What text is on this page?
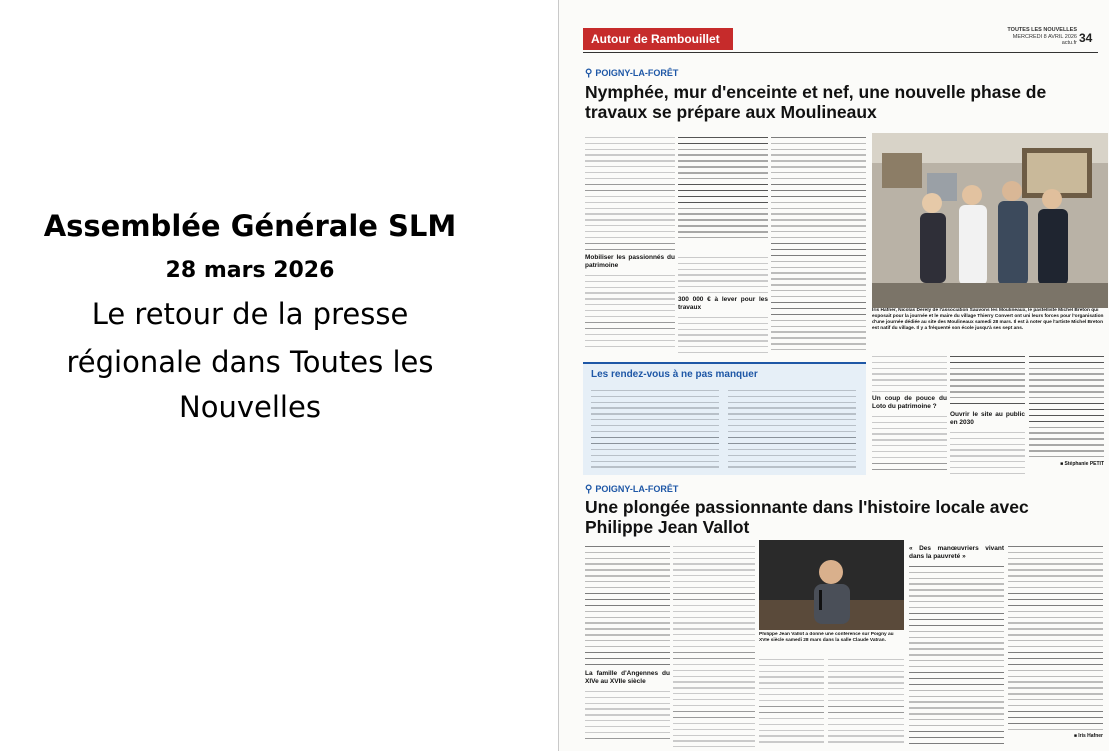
Assemblée Générale SLM
28 mars 2026
Le retour de la presse
régionale dans Toutes les
Nouvelles
Autour de Rambouillet
TOUTES LES NOUVELLES
MERCREDI 8 AVRIL 2026
actu.fr 34
⚲ POIGNY-LA-FORÊT
Nymphée, mur d'enceinte et nef, une nouvelle phase de travaux se prépare aux Moulineaux
Mobiliser les passionnés du patrimoine
300 000 € à lever pour les travaux	Iris Hafner, Nicolas Derely de l'association Sauvons les Moulineaux, le pastelliste Michel Breton qui exposait pour la journée et le maire du village Thierry Convert ont uni leurs forces pour l'organisation d'une journée dédiée au site des Moulineaux samedi 28 mars. Il est à noter que l'artiste Michel Breton est natif du village. Il y a fréquenté son école jusqu'à ses sept ans.
Un coup de pouce du Loto du patrimoine ?
Ouvrir le site au public en 2030
■ Stéphanie PETIT
Les rendez-vous à ne pas manquer
⚲ POIGNY-LA-FORÊT
Une plongée passionnante dans l'histoire locale avec Philippe Jean Vallot
La famille d'Angennes du XIVe au XVIIe siècle
Philippe Jean Vallot a donné une conférence sur Poigny au XVIe siècle samedi 28 mars dans la salle Claude Vatran.
« Des manœuvriers vivant dans la pauvreté »
■ Iris Hafner
